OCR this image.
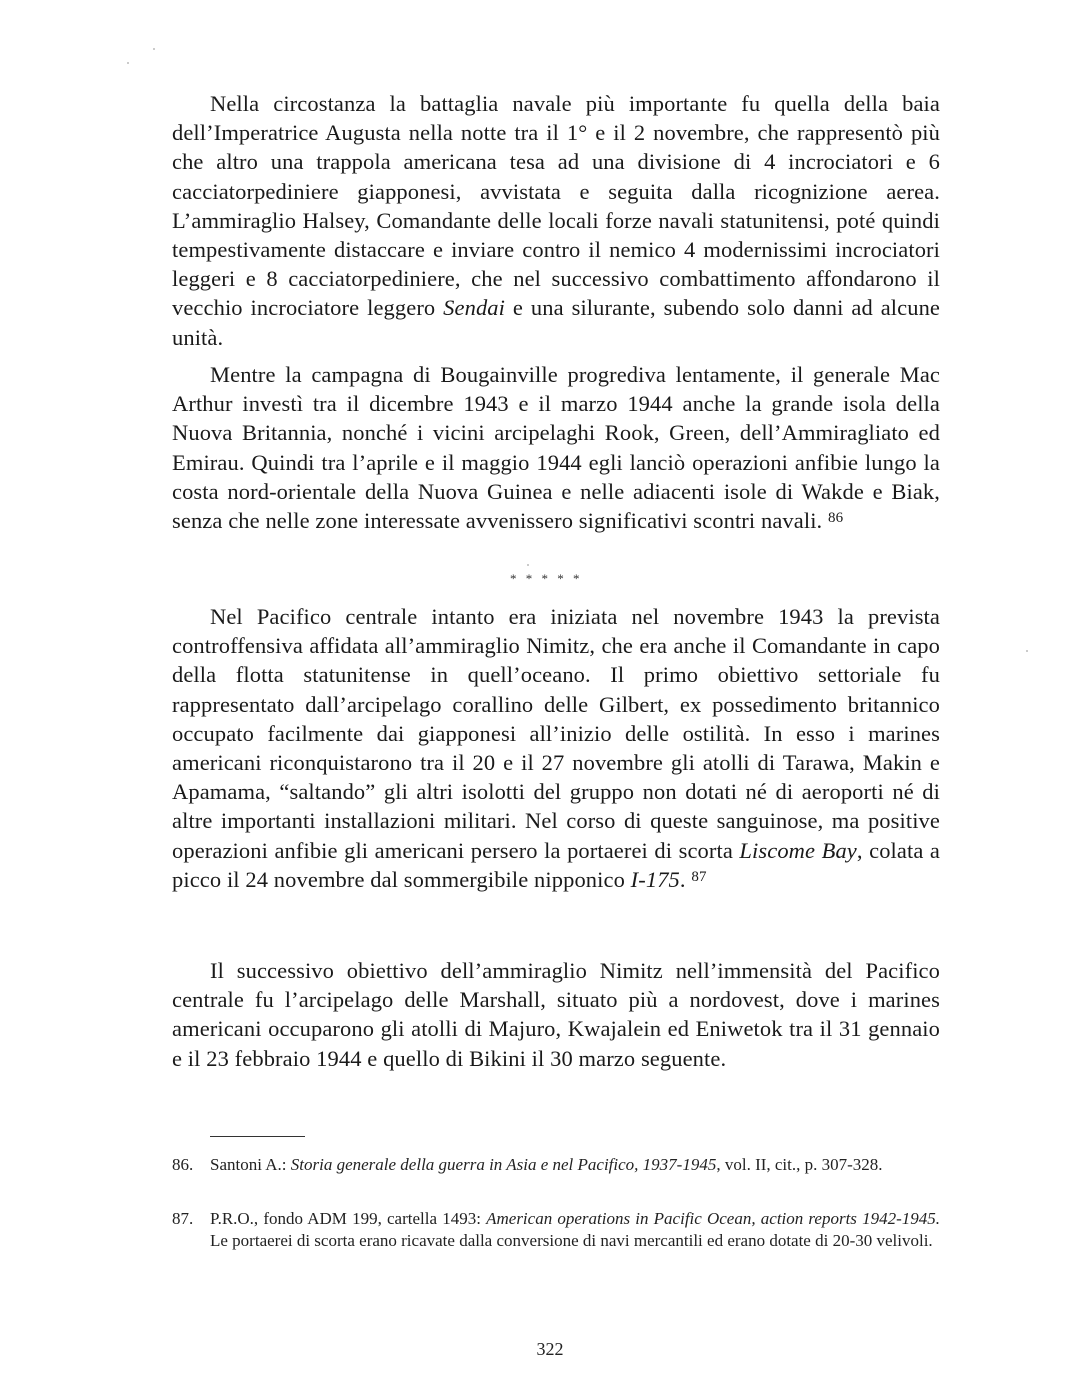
Nella circostanza la battaglia navale più importante fu quella della baia dell’Imperatrice Augusta nella notte tra il 1° e il 2 novembre, che rappresentò più che altro una trappola americana tesa ad una divisione di 4 incrociatori e 6 cacciatorpediniere giapponesi, avvistata e seguita dalla ricognizione aerea. L’ammiraglio Halsey, Comandante delle locali forze navali statunitensi, poté quindi tempestivamente distaccare e inviare contro il nemico 4 modernissimi incrociatori leggeri e 8 cacciatorpediniere, che nel successivo combattimento affondarono il vecchio incrociatore leggero Sendai e una silurante, subendo solo danni ad alcune unità.

Mentre la campagna di Bougainville progrediva lentamente, il generale Mac Arthur investì tra il dicembre 1943 e il marzo 1944 anche la grande isola della Nuova Britannia, nonché i vicini arcipelaghi Rook, Green, dell’Ammiragliato ed Emirau. Quindi tra l’aprile e il maggio 1944 egli lanciò operazioni anfibie lungo la costa nord-orientale della Nuova Guinea e nelle adiacenti isole di Wakde e Biak, senza che nelle zone interessate avvenissero significativi scontri navali. $^{86}$

* * * * *

Nel Pacifico centrale intanto era iniziata nel novembre 1943 la prevista controffensiva affidata all’ammiraglio Nimitz, che era anche il Comandante in capo della flotta statunitense in quell’oceano. Il primo obiettivo settoriale fu rappresentato dall’arcipelago corallino delle Gilbert, ex possedimento britannico occupato facilmente dai giapponesi all’inizio delle ostilità. In esso i marines americani riconquistarono tra il 20 e il 27 novembre gli atolli di Tarawa, Makin e Apamama, “saltando” gli altri isolotti del gruppo non dotati né di aeroporti né di altre importanti installazioni militari. Nel corso di queste sanguinose, ma positive operazioni anfibie gli americani persero la portaerei di scorta Liscome Bay, colata a picco il 24 novembre dal sommergibile nipponico I-175. $^{87}$

Il successivo obiettivo dell’ammiraglio Nimitz nell’immensità del Pacifico centrale fu l’arcipelago delle Marshall, situato più a nordovest, dove i marines americani occuparono gli atolli di Majuro, Kwajalein ed Eniwetok tra il 31 gennaio e il 23 febbraio 1944 e quello di Bikini il 30 marzo seguente.

86. Santoni A.: Storia generale della guerra in Asia e nel Pacifico, 1937-1945, vol. II, cit., p. 307-328.
87. P.R.O., fondo ADM 199, cartella 1493: American operations in Pacific Ocean, action reports 1942-1945. Le portaerei di scorta erano ricavate dalla conversione di navi mercantili ed erano dotate di 20-30 velivoli.
322
